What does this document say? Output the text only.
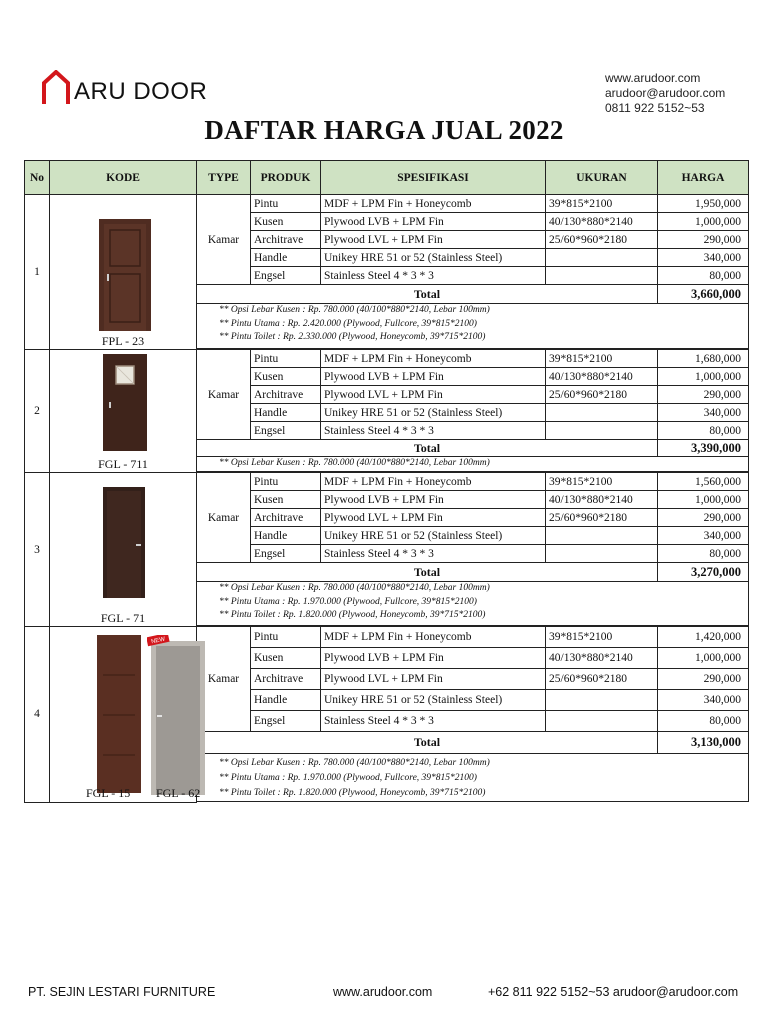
ARU DOOR	www.arudoor.com
arudoor@arudoor.com
0811 922 5152~53
DAFTAR HARGA JUAL 2022
No	KODE	TYPE	PRODUK	SPESIFIKASI	UKURAN	HARGA
1	FPL - 23	Kamar	Pintu	MDF + LPM Fin + Honeycomb	39*815*2100	1,950,000
			Kusen	Plywood LVB + LPM Fin	40/130*880*2140	1,000,000
			Architrave	Plywood LVL + LPM Fin	25/60*960*2180	290,000
			Handle	Unikey HRE 51 or 52 (Stainless Steel)		340,000
			Engsel	Stainless Steel 4 * 3 * 3		80,000
		Total				3,660,000

		** Opsi Lebar Kusen : Rp. 780.000 (40/100*880*2140, Lebar 100mm)
** Pintu Utama : Rp. 2.420.000 (Plywood, Fullcore, 39*815*2100)
** Pintu Toilet : Rp. 2.330.000 (Plywood, Honeycomb, 39*715*2100)				

2	FGL - 711	Kamar	Pintu	MDF + LPM Fin + Honeycomb	39*815*2100	1,680,000
			Kusen	Plywood LVB + LPM Fin	40/130*880*2140	1,000,000
			Architrave	Plywood LVL + LPM Fin	25/60*960*2180	290,000
			Handle	Unikey HRE 51 or 52 (Stainless Steel)		340,000
			Engsel	Stainless Steel 4 * 3 * 3		80,000
		Total				3,390,000

		** Opsi Lebar Kusen : Rp. 780.000 (40/100*880*2140, Lebar 100mm)				

3	FGL - 71	Kamar	Pintu	MDF + LPM Fin + Honeycomb	39*815*2100	1,560,000
			Kusen	Plywood LVB + LPM Fin	40/130*880*2140	1,000,000
			Architrave	Plywood LVL + LPM Fin	25/60*960*2180	290,000
			Handle	Unikey HRE 51 or 52 (Stainless Steel)		340,000
			Engsel	Stainless Steel 4 * 3 * 3		80,000
		Total				3,270,000

		** Opsi Lebar Kusen : Rp. 780.000 (40/100*880*2140, Lebar 100mm)
** Pintu Utama : Rp. 1.970.000 (Plywood, Fullcore, 39*815*2100)
** Pintu Toilet : Rp. 1.820.000 (Plywood, Honeycomb, 39*715*2100)				

4	NEW
FGL - 15 FGL - 62	Kamar	Pintu	MDF + LPM Fin + Honeycomb	39*815*2100	1,420,000
			Kusen	Plywood LVB + LPM Fin	40/130*880*2140	1,000,000
			Architrave	Plywood LVL + LPM Fin	25/60*960*2180	290,000
			Handle	Unikey HRE 51 or 52 (Stainless Steel)		340,000
			Engsel	Stainless Steel 4 * 3 * 3		80,000
		Total				3,130,000

		** Opsi Lebar Kusen : Rp. 780.000 (40/100*880*2140, Lebar 100mm)
** Pintu Utama : Rp. 1.970.000 (Plywood, Fullcore, 39*815*2100)
** Pintu Toilet : Rp. 1.820.000 (Plywood, Honeycomb, 39*715*2100)				

PT. SEJIN LESTARI FURNITURE	www.arudoor.com	+62 811 922 5152~53 arudoor@arudoor.com
